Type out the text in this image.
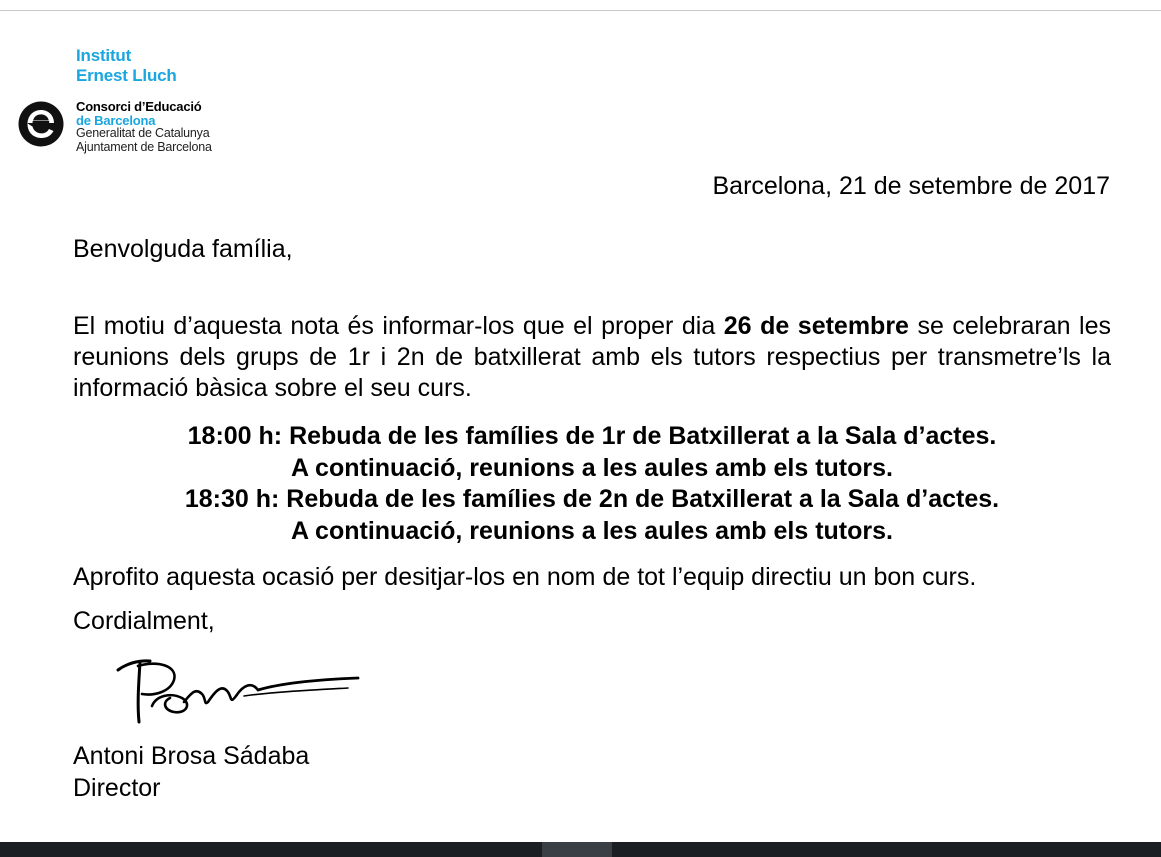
Institut
Ernest Lluch
Consorci d’Educació
de Barcelona
Generalitat de Catalunya
Ajuntament de Barcelona
Barcelona, 21 de setembre de 2017
Benvolguda família,
El motiu d’aquesta nota és informar-los que el proper dia 26 de setembre se celebraran les reunions dels grups de 1r i 2n de batxillerat amb els tutors respectius per transmetre’ls la informació bàsica sobre el seu curs.
18:00 h: Rebuda de les famílies de 1r de Batxillerat a la Sala d’actes.
A continuació, reunions a les aules amb els tutors.
18:30 h: Rebuda de les famílies de 2n de Batxillerat a la Sala d’actes.
A continuació, reunions a les aules amb els tutors.
Aprofito aquesta ocasió per desitjar-los en nom de tot l’equip directiu un bon curs.
Cordialment,
Antoni Brosa Sádaba
Director
